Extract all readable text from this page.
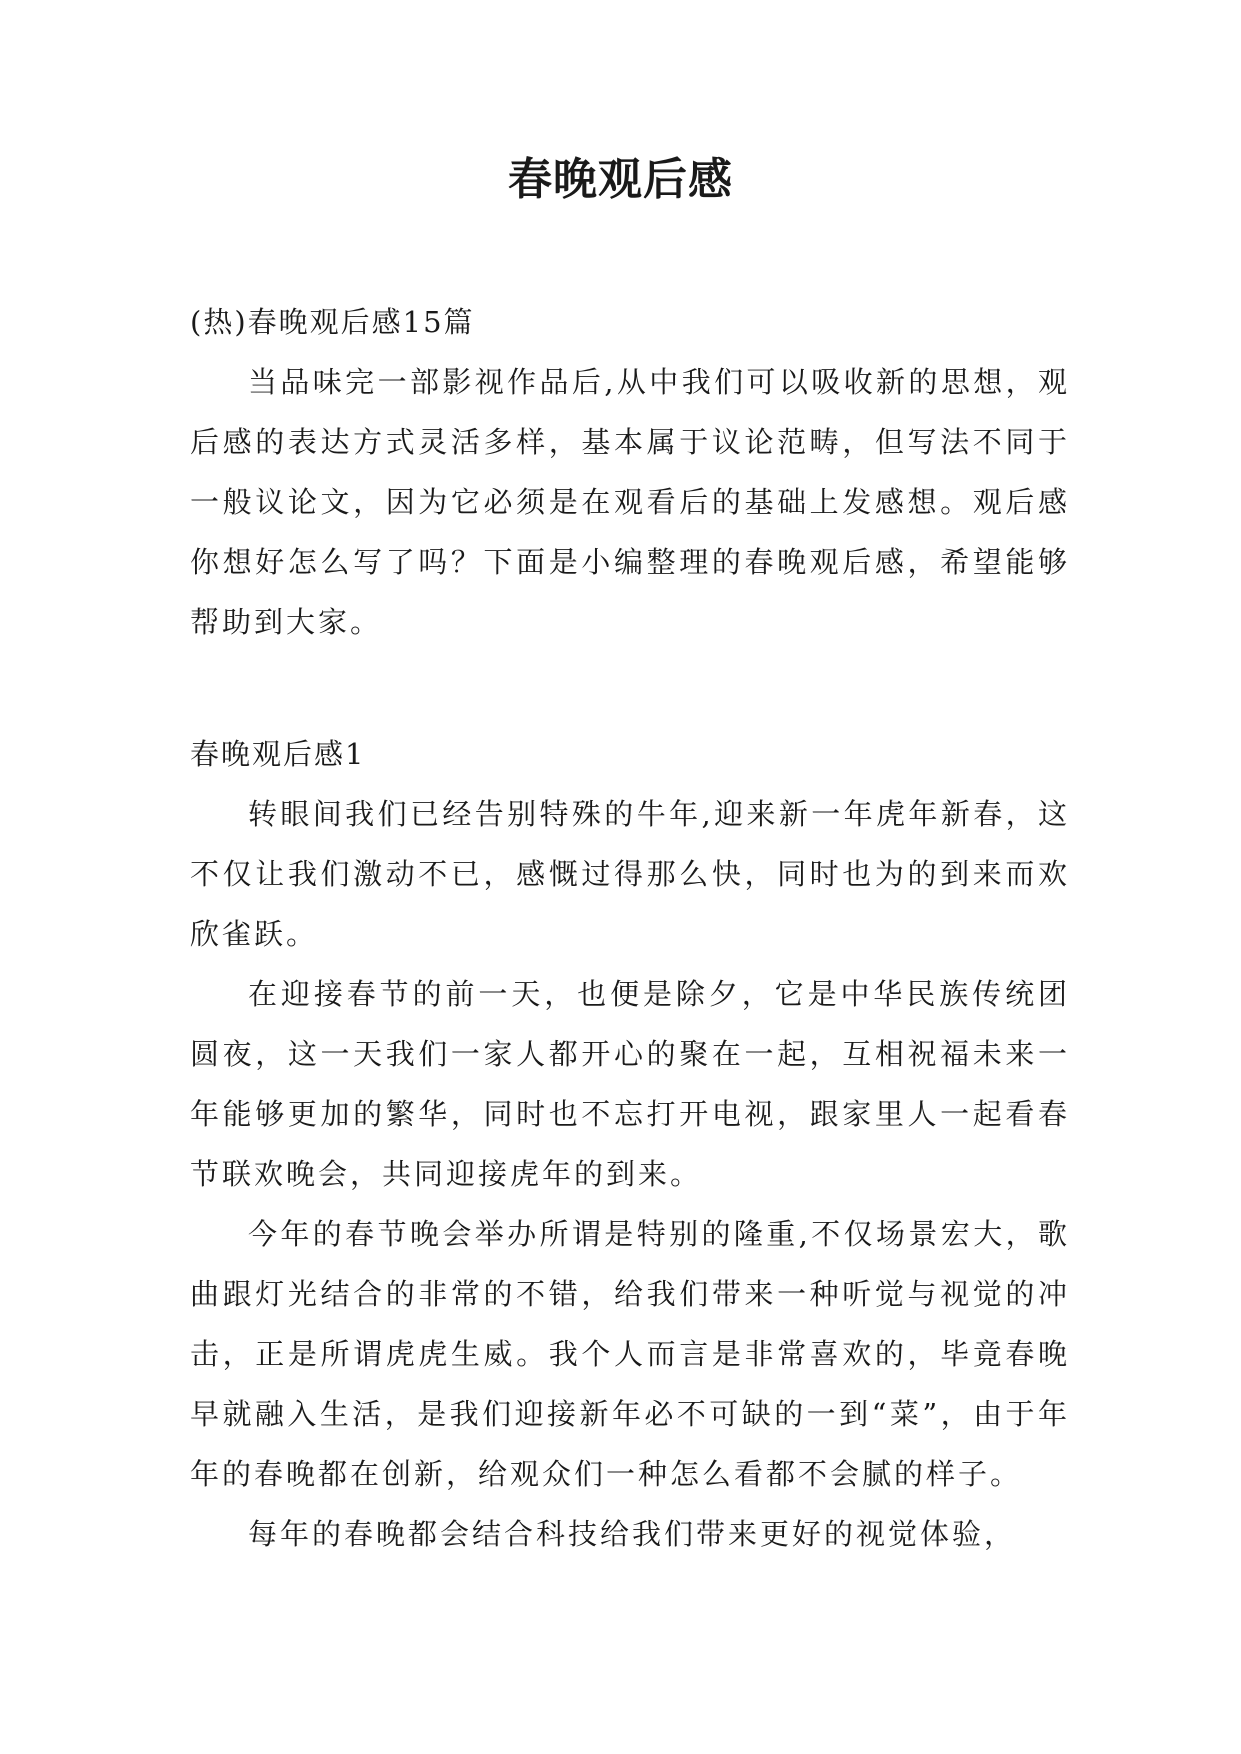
春晚观后感

(热)春晚观后感15篇

当品味完一部影视作品后,从中我们可以吸收新的思想，观后感的表达方式灵活多样，基本属于议论范畴，但写法不同于一般议论文，因为它必须是在观看后的基础上发感想。观后感你想好怎么写了吗？下面是小编整理的春晚观后感，希望能够帮助到大家。

春晚观后感1

转眼间我们已经告别特殊的牛年,迎来新一年虎年新春，这不仅让我们激动不已，感慨过得那么快，同时也为的到来而欢欣雀跃。

在迎接春节的前一天，也便是除夕，它是中华民族传统团圆夜，这一天我们一家人都开心的聚在一起，互相祝福未来一年能够更加的繁华，同时也不忘打开电视，跟家里人一起看春节联欢晚会，共同迎接虎年的到来。

今年的春节晚会举办所谓是特别的隆重,不仅场景宏大，歌曲跟灯光结合的非常的不错，给我们带来一种听觉与视觉的冲击，正是所谓虎虎生威。我个人而言是非常喜欢的，毕竟春晚早就融入生活，是我们迎接新年必不可缺的一到“菜”，由于年年的春晚都在创新，给观众们一种怎么看都不会腻的样子。

每年的春晚都会结合科技给我们带来更好的视觉体验，
